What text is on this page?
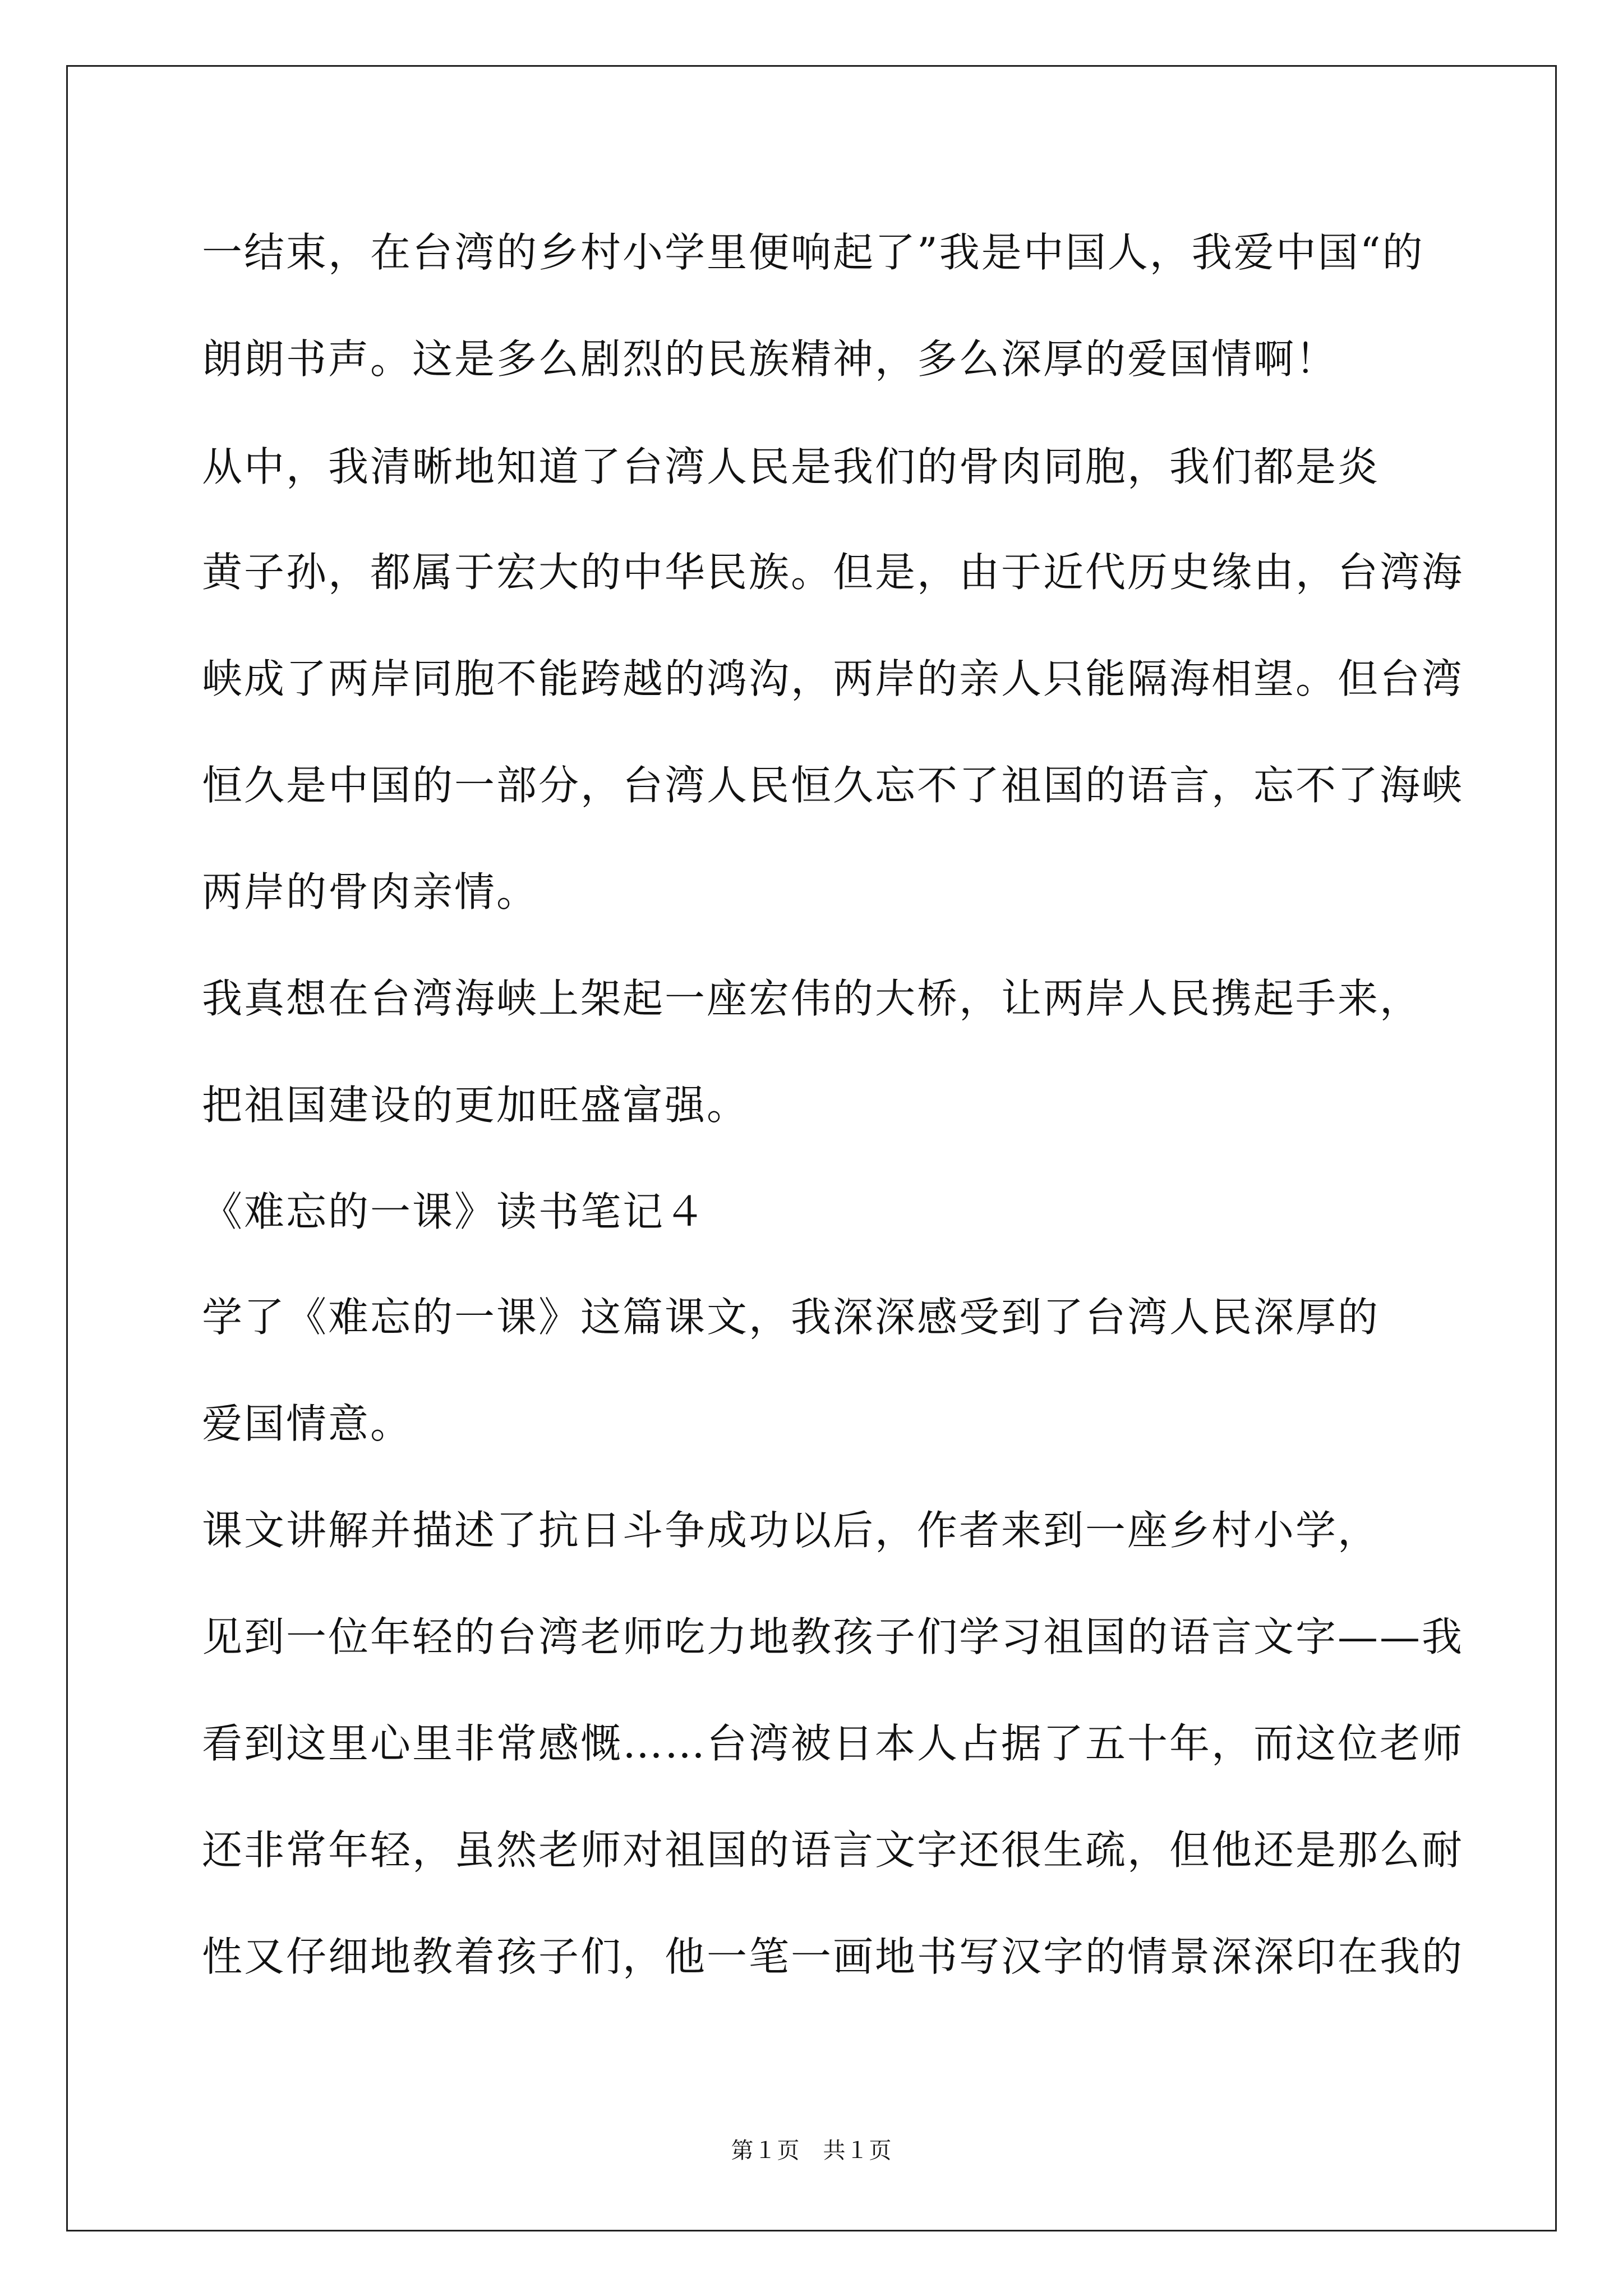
一结束，在台湾的乡村小学里便响起了”我是中国人，我爱中国“的
朗朗书声。这是多么剧烈的民族精神，多么深厚的爱国情啊！
从中，我清晰地知道了台湾人民是我们的骨肉同胞，我们都是炎
黄子孙，都属于宏大的中华民族。但是，由于近代历史缘由，台湾海
峡成了两岸同胞不能跨越的鸿沟，两岸的亲人只能隔海相望。但台湾
恒久是中国的一部分，台湾人民恒久忘不了祖国的语言，忘不了海峡
两岸的骨肉亲情。
我真想在台湾海峡上架起一座宏伟的大桥，让两岸人民携起手来，
把祖国建设的更加旺盛富强。
《难忘的一课》读书笔记４
学了《难忘的一课》这篇课文，我深深感受到了台湾人民深厚的
爱国情意。
课文讲解并描述了抗日斗争成功以后，作者来到一座乡村小学，
见到一位年轻的台湾老师吃力地教孩子们学习祖国的语言文字——我
看到这里心里非常感慨……台湾被日本人占据了五十年，而这位老师
还非常年轻，虽然老师对祖国的语言文字还很生疏，但他还是那么耐
性又仔细地教着孩子们，他一笔一画地书写汉字的情景深深印在我的
第１页　共１页
